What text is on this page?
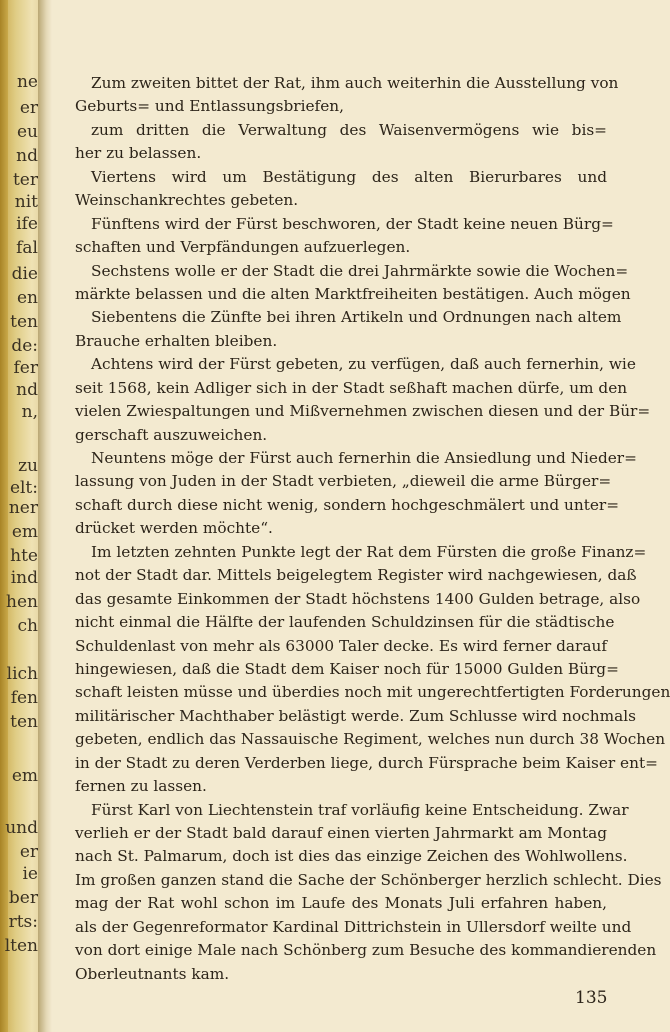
ne
er
eu
nd
ter
nit
ife
fal
die
en
ten
de:
fer
nd
n,
zu
elt:
ner
em
hte
ind
hen
ch
lich
fen
ten
em
und
er
ie
ber
rts:
lten
Zum zweiten bittet der Rat, ihm auch weiterhin die Ausstellung von
Geburts= und Entlassungsbriefen,
zum dritten die Verwaltung des Waisenvermögens wie bis=
her zu belassen.
Viertens wird um Bestätigung des alten Bierurbares und
Weinschankrechtes gebeten.
Fünftens wird der Fürst beschworen, der Stadt keine neuen Bürg=
schaften und Verpfändungen aufzuerlegen.
Sechstens wolle er der Stadt die drei Jahrmärkte sowie die Wochen=
märkte belassen und die alten Marktfreiheiten bestätigen. Auch mögen
Siebentens die Zünfte bei ihren Artikeln und Ordnungen nach altem
Brauche erhalten bleiben.
Achtens wird der Fürst gebeten, zu verfügen, daß auch fernerhin, wie
seit 1568, kein Adliger sich in der Stadt seßhaft machen dürfe, um den
vielen Zwiespaltungen und Mißvernehmen zwischen diesen und der Bür=
gerschaft auszuweichen.
Neuntens möge der Fürst auch fernerhin die Ansiedlung und Nieder=
lassung von Juden in der Stadt verbieten, „dieweil die arme Bürger=
schaft durch diese nicht wenig, sondern hochgeschmälert und unter=
drücket werden möchte“.
Im letzten zehnten Punkte legt der Rat dem Fürsten die große Finanz=
not der Stadt dar. Mittels beigelegtem Register wird nachgewiesen, daß
das gesamte Einkommen der Stadt höchstens 1400 Gulden betrage, also
nicht einmal die Hälfte der laufenden Schuldzinsen für die städtische
Schuldenlast von mehr als 63000 Taler decke. Es wird ferner darauf
hingewiesen, daß die Stadt dem Kaiser noch für 15000 Gulden Bürg=
schaft leisten müsse und überdies noch mit ungerechtfertigten Forderungen
militärischer Machthaber belästigt werde. Zum Schlusse wird nochmals
gebeten, endlich das Nassauische Regiment, welches nun durch 38 Wochen
in der Stadt zu deren Verderben liege, durch Fürsprache beim Kaiser ent=
fernen zu lassen.
Fürst Karl von Liechtenstein traf vorläufig keine Entscheidung. Zwar
verlieh er der Stadt bald darauf einen vierten Jahrmarkt am Montag
nach St. Palmarum, doch ist dies das einzige Zeichen des Wohlwollens.
Im großen ganzen stand die Sache der Schönberger herzlich schlecht. Dies
mag der Rat wohl schon im Laufe des Monats Juli erfahren haben,
als der Gegenreformator Kardinal Dittrichstein in Ullersdorf weilte und
von dort einige Male nach Schönberg zum Besuche des kommandierenden
Oberleutnants kam.
135
